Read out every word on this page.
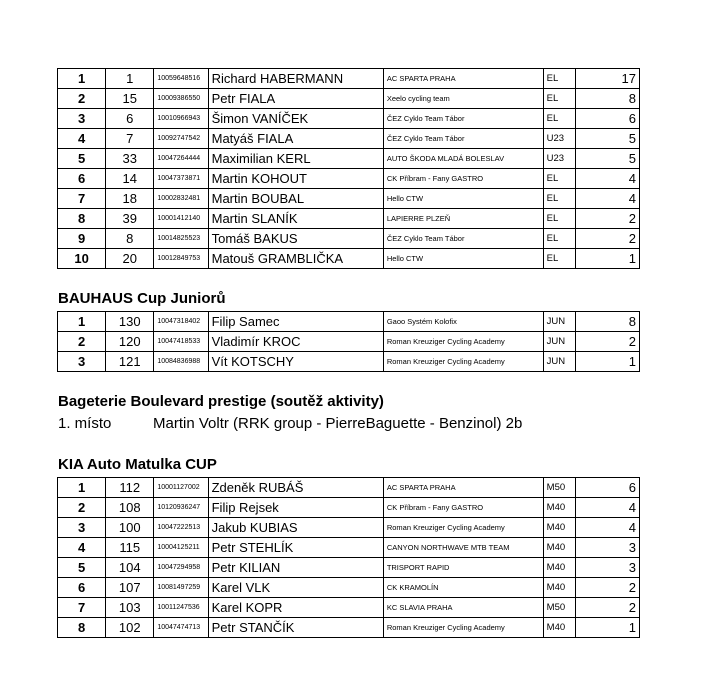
1	1	10059648516	Richard HABERMANN	AC SPARTA PRAHA	EL	17
2	15	10009386550	Petr FIALA	Xeelo cycling team	EL	8
3	6	10010966943	Šimon VANÍČEK	ČEZ Cyklo Team Tábor	EL	6
4	7	10092747542	Matyáš FIALA	ČEZ Cyklo Team Tábor	U23	5
5	33	10047264444	Maximilian KERL	AUTO ŠKODA MLADÁ BOLESLAV	U23	5
6	14	10047373871	Martin KOHOUT	CK Příbram - Fany GASTRO	EL	4
7	18	10002832481	Martin BOUBAL	Hello CTW	EL	4
8	39	10001412140	Martin SLANÍK	LAPIERRE PLZEŇ	EL	2
9	8	10014825523	Tomáš BAKUS	ČEZ Cyklo Team Tábor	EL	2
10	20	10012849753	Matouš GRAMBLIČKA	Hello CTW	EL	1
BAUHAUS Cup Juniorů
1	130	10047318402	Filip Samec	Gaoo Systém Kolofix	JUN	8
2	120	10047418533	Vladimír KROC	Roman Kreuziger Cycling Academy	JUN	2
3	121	10084836988	Vít KOTSCHY	Roman Kreuziger Cycling Academy	JUN	1
Bageterie Boulevard prestige (soutěž aktivity)
1. místo	Martin Voltr (RRK group - PierreBaguette - Benzinol) 2b
KIA Auto Matulka CUP
1	112	10001127002	Zdeněk RUBÁŠ	AC SPARTA PRAHA	M50	6
2	108	10120936247	Filip Rejsek	CK Příbram - Fany GASTRO	M40	4
3	100	10047222513	Jakub KUBIAS	Roman Kreuziger Cycling Academy	M40	4
4	115	10004125211	Petr STEHLÍK	CANYON NORTHWAVE MTB TEAM	M40	3
5	104	10047294958	Petr KILIAN	TRISPORT RAPID	M40	3
6	107	10081497259	Karel VLK	CK KRAMOLÍN	M40	2
7	103	10011247536	Karel KOPR	KC SLAVIA PRAHA	M50	2
8	102	10047474713	Petr STANČÍK	Roman Kreuziger Cycling Academy	M40	1
